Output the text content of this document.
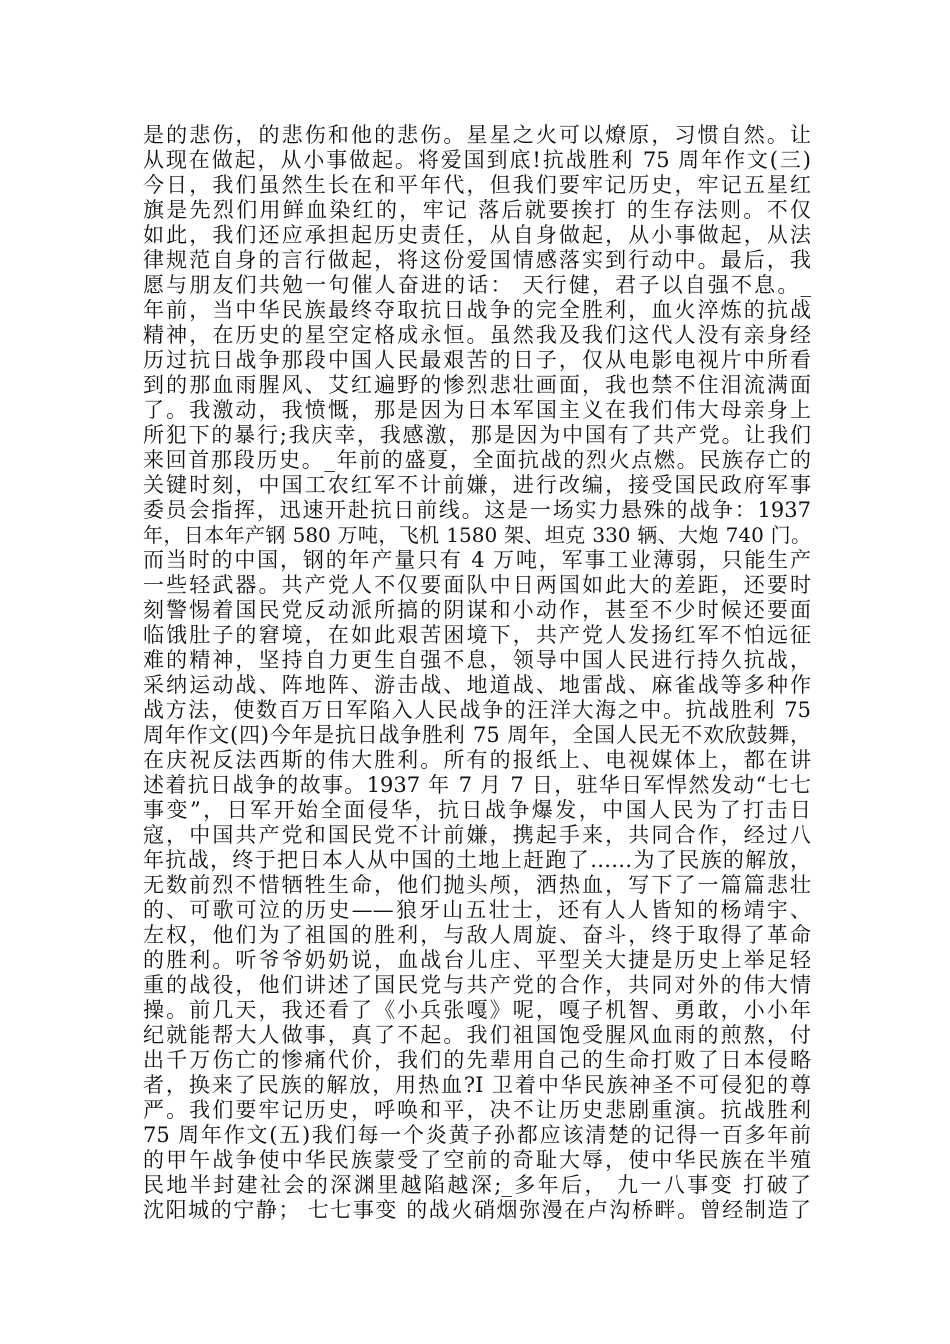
是的悲伤，的悲伤和他的悲伤。星星之火可以燎原，习惯自然。让
从现在做起，从小事做起。将爱国到底!抗战胜利 75 周年作文(三)
今日，我们虽然生长在和平年代，但我们要牢记历史，牢记五星红
旗是先烈们用鲜血染红的，牢记 落后就要挨打 的生存法则。不仅
如此，我们还应承担起历史责任，从自身做起，从小事做起，从法
律规范自身的言行做起，将这份爱国情感落实到行动中。最后，我
愿与朋友们共勉一句催人奋进的话： 天行健，君子以自强不息。_
年前，当中华民族最终夺取抗日战争的完全胜利，血火淬炼的抗战
精神，在历史的星空定格成永恒。虽然我及我们这代人没有亲身经
历过抗日战争那段中国人民最艰苦的日子，仅从电影电视片中所看
到的那血雨腥风、艾红遍野的惨烈悲壮画面，我也禁不住泪流满面
了。我激动，我愤慨，那是因为日本军国主义在我们伟大母亲身上
所犯下的暴行;我庆幸，我感激，那是因为中国有了共产党。让我们
来回首那段历史。_年前的盛夏，全面抗战的烈火点燃。民族存亡的
关键时刻，中国工农红军不计前嫌，进行改编，接受国民政府军事
委员会指挥，迅速开赴抗日前线。这是一场实力悬殊的战争：1937
年，日本年产钢 580 万吨，飞机 1580 架、坦克 330 辆、大炮 740 门。
而当时的中国，钢的年产量只有 4 万吨，军事工业薄弱，只能生产
一些轻武器。共产党人不仅要面队中日两国如此大的差距，还要时
刻警惕着国民党反动派所搞的阴谋和小动作，甚至不少时候还要面
临饿肚子的窘境，在如此艰苦困境下，共产党人发扬红军不怕远征
难的精神，坚持自力更生自强不息，领导中国人民进行持久抗战，
采纳运动战、阵地阵、游击战、地道战、地雷战、麻雀战等多种作
战方法，使数百万日军陷入人民战争的汪洋大海之中。抗战胜利 75
周年作文(四)今年是抗日战争胜利 75 周年，全国人民无不欢欣鼓舞，
在庆祝反法西斯的伟大胜利。所有的报纸上、电视媒体上，都在讲
述着抗日战争的故事。1937 年 7 月 7 日，驻华日军悍然发动“七七
事变”，日军开始全面侵华，抗日战争爆发，中国人民为了打击日
寇，中国共产党和国民党不计前嫌，携起手来，共同合作，经过八
年抗战，终于把日本人从中国的土地上赶跑了……为了民族的解放，
无数前烈不惜牺牲生命，他们抛头颅，洒热血，写下了一篇篇悲壮
的、可歌可泣的历史——狼牙山五壮士，还有人人皆知的杨靖宇、
左权，他们为了祖国的胜利，与敌人周旋、奋斗，终于取得了革命
的胜利。听爷爷奶奶说，血战台儿庄、平型关大捷是历史上举足轻
重的战役，他们讲述了国民党与共产党的合作，共同对外的伟大情
操。前几天，我还看了《小兵张嘎》呢，嘎子机智、勇敢，小小年
纪就能帮大人做事，真了不起。我们祖国饱受腥风血雨的煎熬，付
出千万伤亡的惨痛代价，我们的先辈用自己的生命打败了日本侵略
者，换来了民族的解放，用热血?I 卫着中华民族神圣不可侵犯的尊
严。我们要牢记历史，呼唤和平，决不让历史悲剧重演。抗战胜利
75 周年作文(五)我们每一个炎黄子孙都应该清楚的记得一百多年前
的甲午战争使中华民族蒙受了空前的奇耻大辱，使中华民族在半殖
民地半封建社会的深渊里越陷越深;_多年后， 九一八事变 打破了
沈阳城的宁静； 七七事变 的战火硝烟弥漫在卢沟桥畔。曾经制造了
